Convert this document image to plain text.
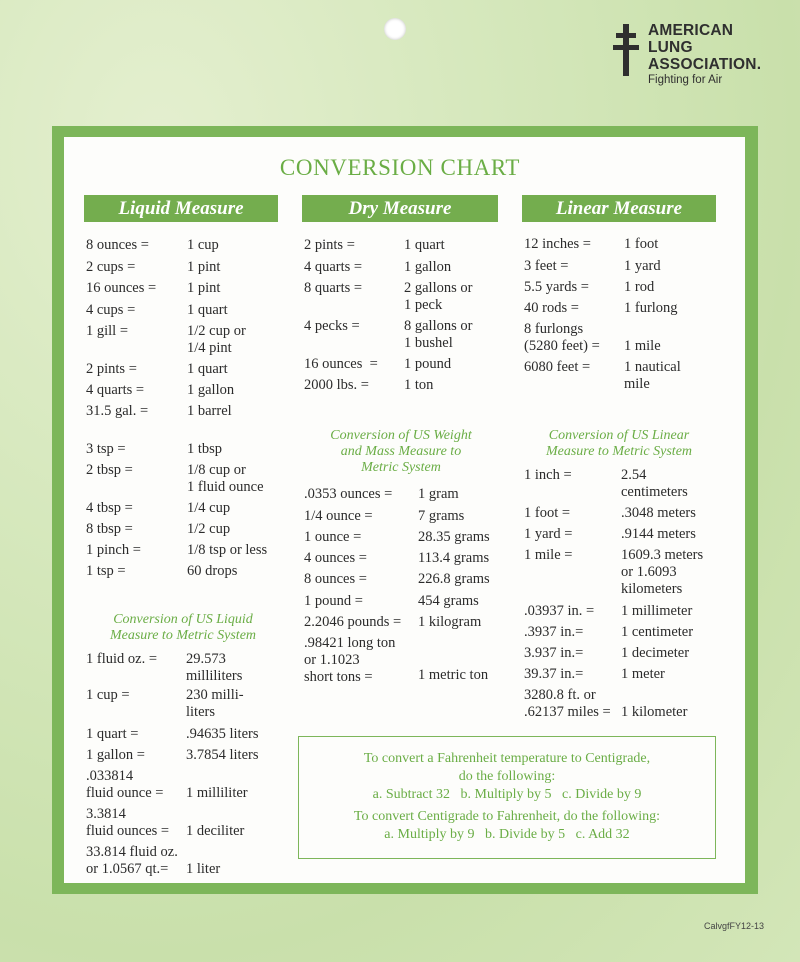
AMERICAN
LUNG
ASSOCIATION.
Fighting for Air
CONVERSION CHART
Liquid Measure	Dry Measure	Linear Measure
8 ounces =	1 cup
2 cups =	1 pint
16 ounces = 1 pint
4 cups =	1 quart
1 gill =	1/2 cup or
1/4 pint
2 pints =	1 quart
4 quarts =	1 gallon
31.5 gal. =	1 barrel
3 tsp =	1 tbsp
2 tbsp =	1/8 cup or
1 fluid ounce
4 tbsp =	1/4 cup
8 tbsp =	1/2 cup
1 pinch =	1/8 tsp or less
1 tsp =	60 drops
Conversion of US Liquid
Measure to Metric System
1 fluid oz. = 29.573
milliliters
1 cup =	230 milli-
liters
1 quart =	.94635 liters
1 gallon =	3.7854 liters
.033814
fluid ounce = 1 milliliter
3.3814
fluid ounces = 1 deciliter
33.814 fluid oz.
or 1.0567 qt.=	1 liter
2 pints =	1 quart
4 quarts =	1 gallon
8 quarts =	2 gallons or
1 peck
4 pecks =	8 gallons or
1 bushel
16 ounces  = 1 pound
2000 lbs. = 1 ton
Conversion of US Weight
and Mass Measure to
Metric System
.0353 ounces = 1 gram
1/4 ounce =	7 grams
1 ounce =	28.35 grams
4 ounces =	113.4 grams
8 ounces =	226.8 grams
1 pound =	454 grams
2.2046 pounds = 1 kilogram
.98421 long ton
or 1.1023
short tons =	1 metric ton
12 inches = 1 foot
3 feet =	1 yard
5.5 yards = 1 rod
40 rods =	1 furlong
8 furlongs
(5280 feet) = 1 mile
6080 feet = 1 nautical
mile
Conversion of US Linear
Measure to Metric System
1 inch =	2.54
centimeters
1 foot =	.3048 meters
1 yard =	.9144 meters
1 mile =	1609.3 meters
or 1.6093
kilometers
.03937 in. = 1 millimeter
.3937 in.=	1 centimeter
3.937 in.=	1 decimeter
39.37 in.=	1 meter
3280.8 ft. or
.62137 miles = 1 kilometer
To convert a Fahrenheit temperature to Centigrade,
do the following:
a. Subtract 32   b. Multiply by 5   c. Divide by 9
To convert Centigrade to Fahrenheit, do the following:
a. Multiply by 9   b. Divide by 5   c. Add 32
CalvgfFY12-13
